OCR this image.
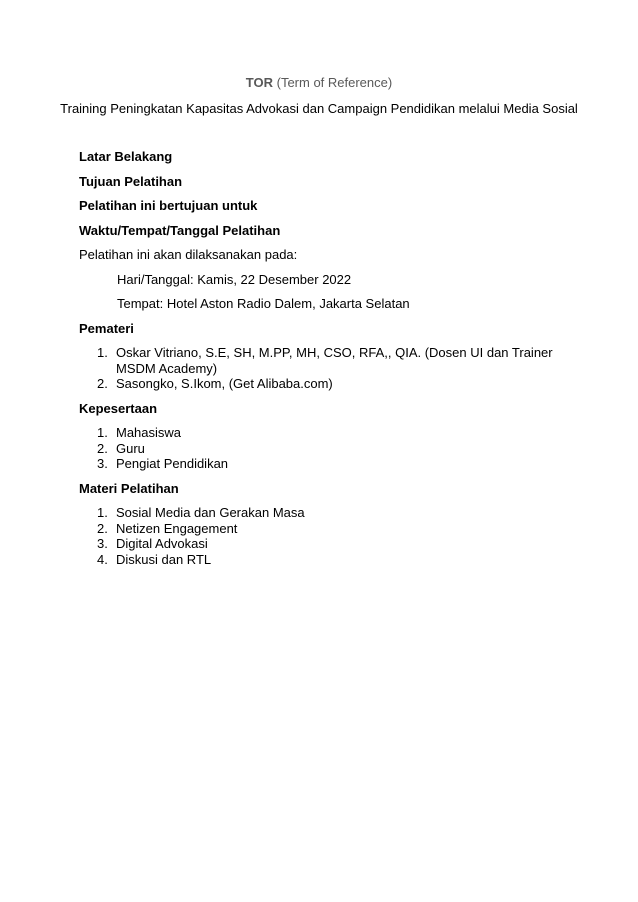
TOR (Term of Reference)
Training Peningkatan Kapasitas Advokasi dan Campaign Pendidikan melalui Media Sosial
Latar Belakang
Tujuan Pelatihan
Pelatihan ini bertujuan untuk
Waktu/Tempat/Tanggal Pelatihan
Pelatihan ini akan dilaksanakan pada:
Hari/Tanggal: Kamis, 22 Desember 2022
Tempat: Hotel Aston Radio Dalem, Jakarta Selatan
Pemateri
1. Oskar Vitriano, S.E, SH, M.PP, MH, CSO, RFA,, QIA. (Dosen UI dan Trainer MSDM Academy)
2. Sasongko, S.Ikom, (Get Alibaba.com)
Kepesertaan
1. Mahasiswa
2. Guru
3. Pengiat Pendidikan
Materi Pelatihan
1. Sosial Media dan Gerakan Masa
2. Netizen Engagement
3. Digital Advokasi
4. Diskusi dan RTL
